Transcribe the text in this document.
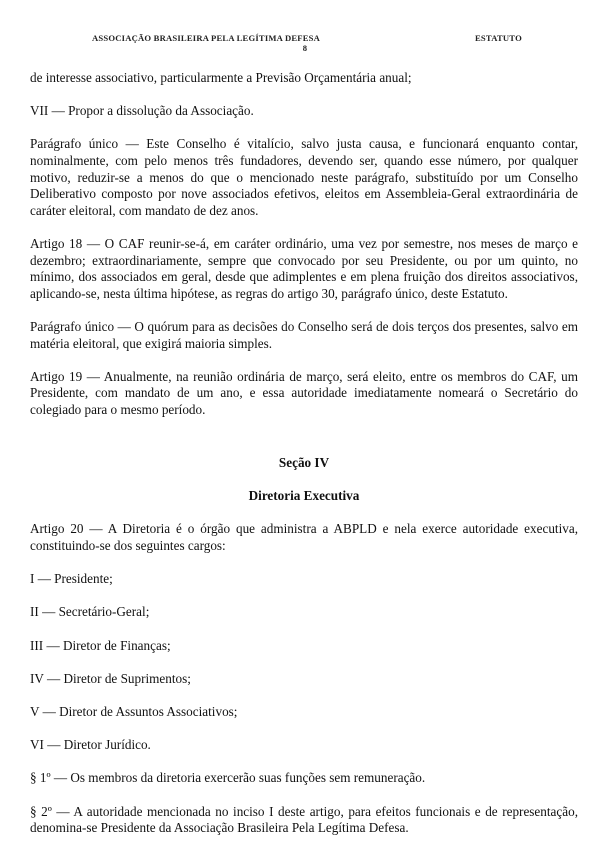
ASSOCIAÇÃO BRASILEIRA PELA LEGÍTIMA DEFESA	ESTATUTO
8

de interesse associativo, particularmente a Previsão Orçamentária anual;

VII — Propor a dissolução da Associação.

Parágrafo único — Este Conselho é vitalício, salvo justa causa, e funcionará enquanto contar, nominalmente, com pelo menos três fundadores, devendo ser, quando esse número, por qualquer motivo, reduzir-se a menos do que o mencionado neste parágrafo, substituído por um Conselho Deliberativo composto por nove associados efetivos, eleitos em Assembleia-Geral extraordinária de caráter eleitoral, com mandato de dez anos.

Artigo 18 — O CAF reunir-se-á, em caráter ordinário, uma vez por semestre, nos meses de março e dezembro; extraordinariamente, sempre que convocado por seu Presidente, ou por um quinto, no mínimo, dos associados em geral, desde que adimplentes e em plena fruição dos direitos associativos, aplicando-se, nesta última hipótese, as regras do artigo 30, parágrafo único, deste Estatuto.

Parágrafo único — O quórum para as decisões do Conselho será de dois terços dos presentes, salvo em matéria eleitoral, que exigirá maioria simples.

Artigo 19 — Anualmente, na reunião ordinária de março, será eleito, entre os membros do CAF, um Presidente, com mandato de um ano, e essa autoridade imediatamente nomeará o Secretário do colegiado para o mesmo período.

Seção IV
Diretoria Executiva

Artigo 20 — A Diretoria é o órgão que administra a ABPLD e nela exerce autoridade executiva, constituindo-se dos seguintes cargos:

I — Presidente;
II — Secretário-Geral;
III — Diretor de Finanças;
IV — Diretor de Suprimentos;
V — Diretor de Assuntos Associativos;
VI — Diretor Jurídico.

§ 1º — Os membros da diretoria exercerão suas funções sem remuneração.

§ 2º — A autoridade mencionada no inciso I deste artigo, para efeitos funcionais e de representação, denomina-se Presidente da Associação Brasileira Pela Legítima Defesa.
